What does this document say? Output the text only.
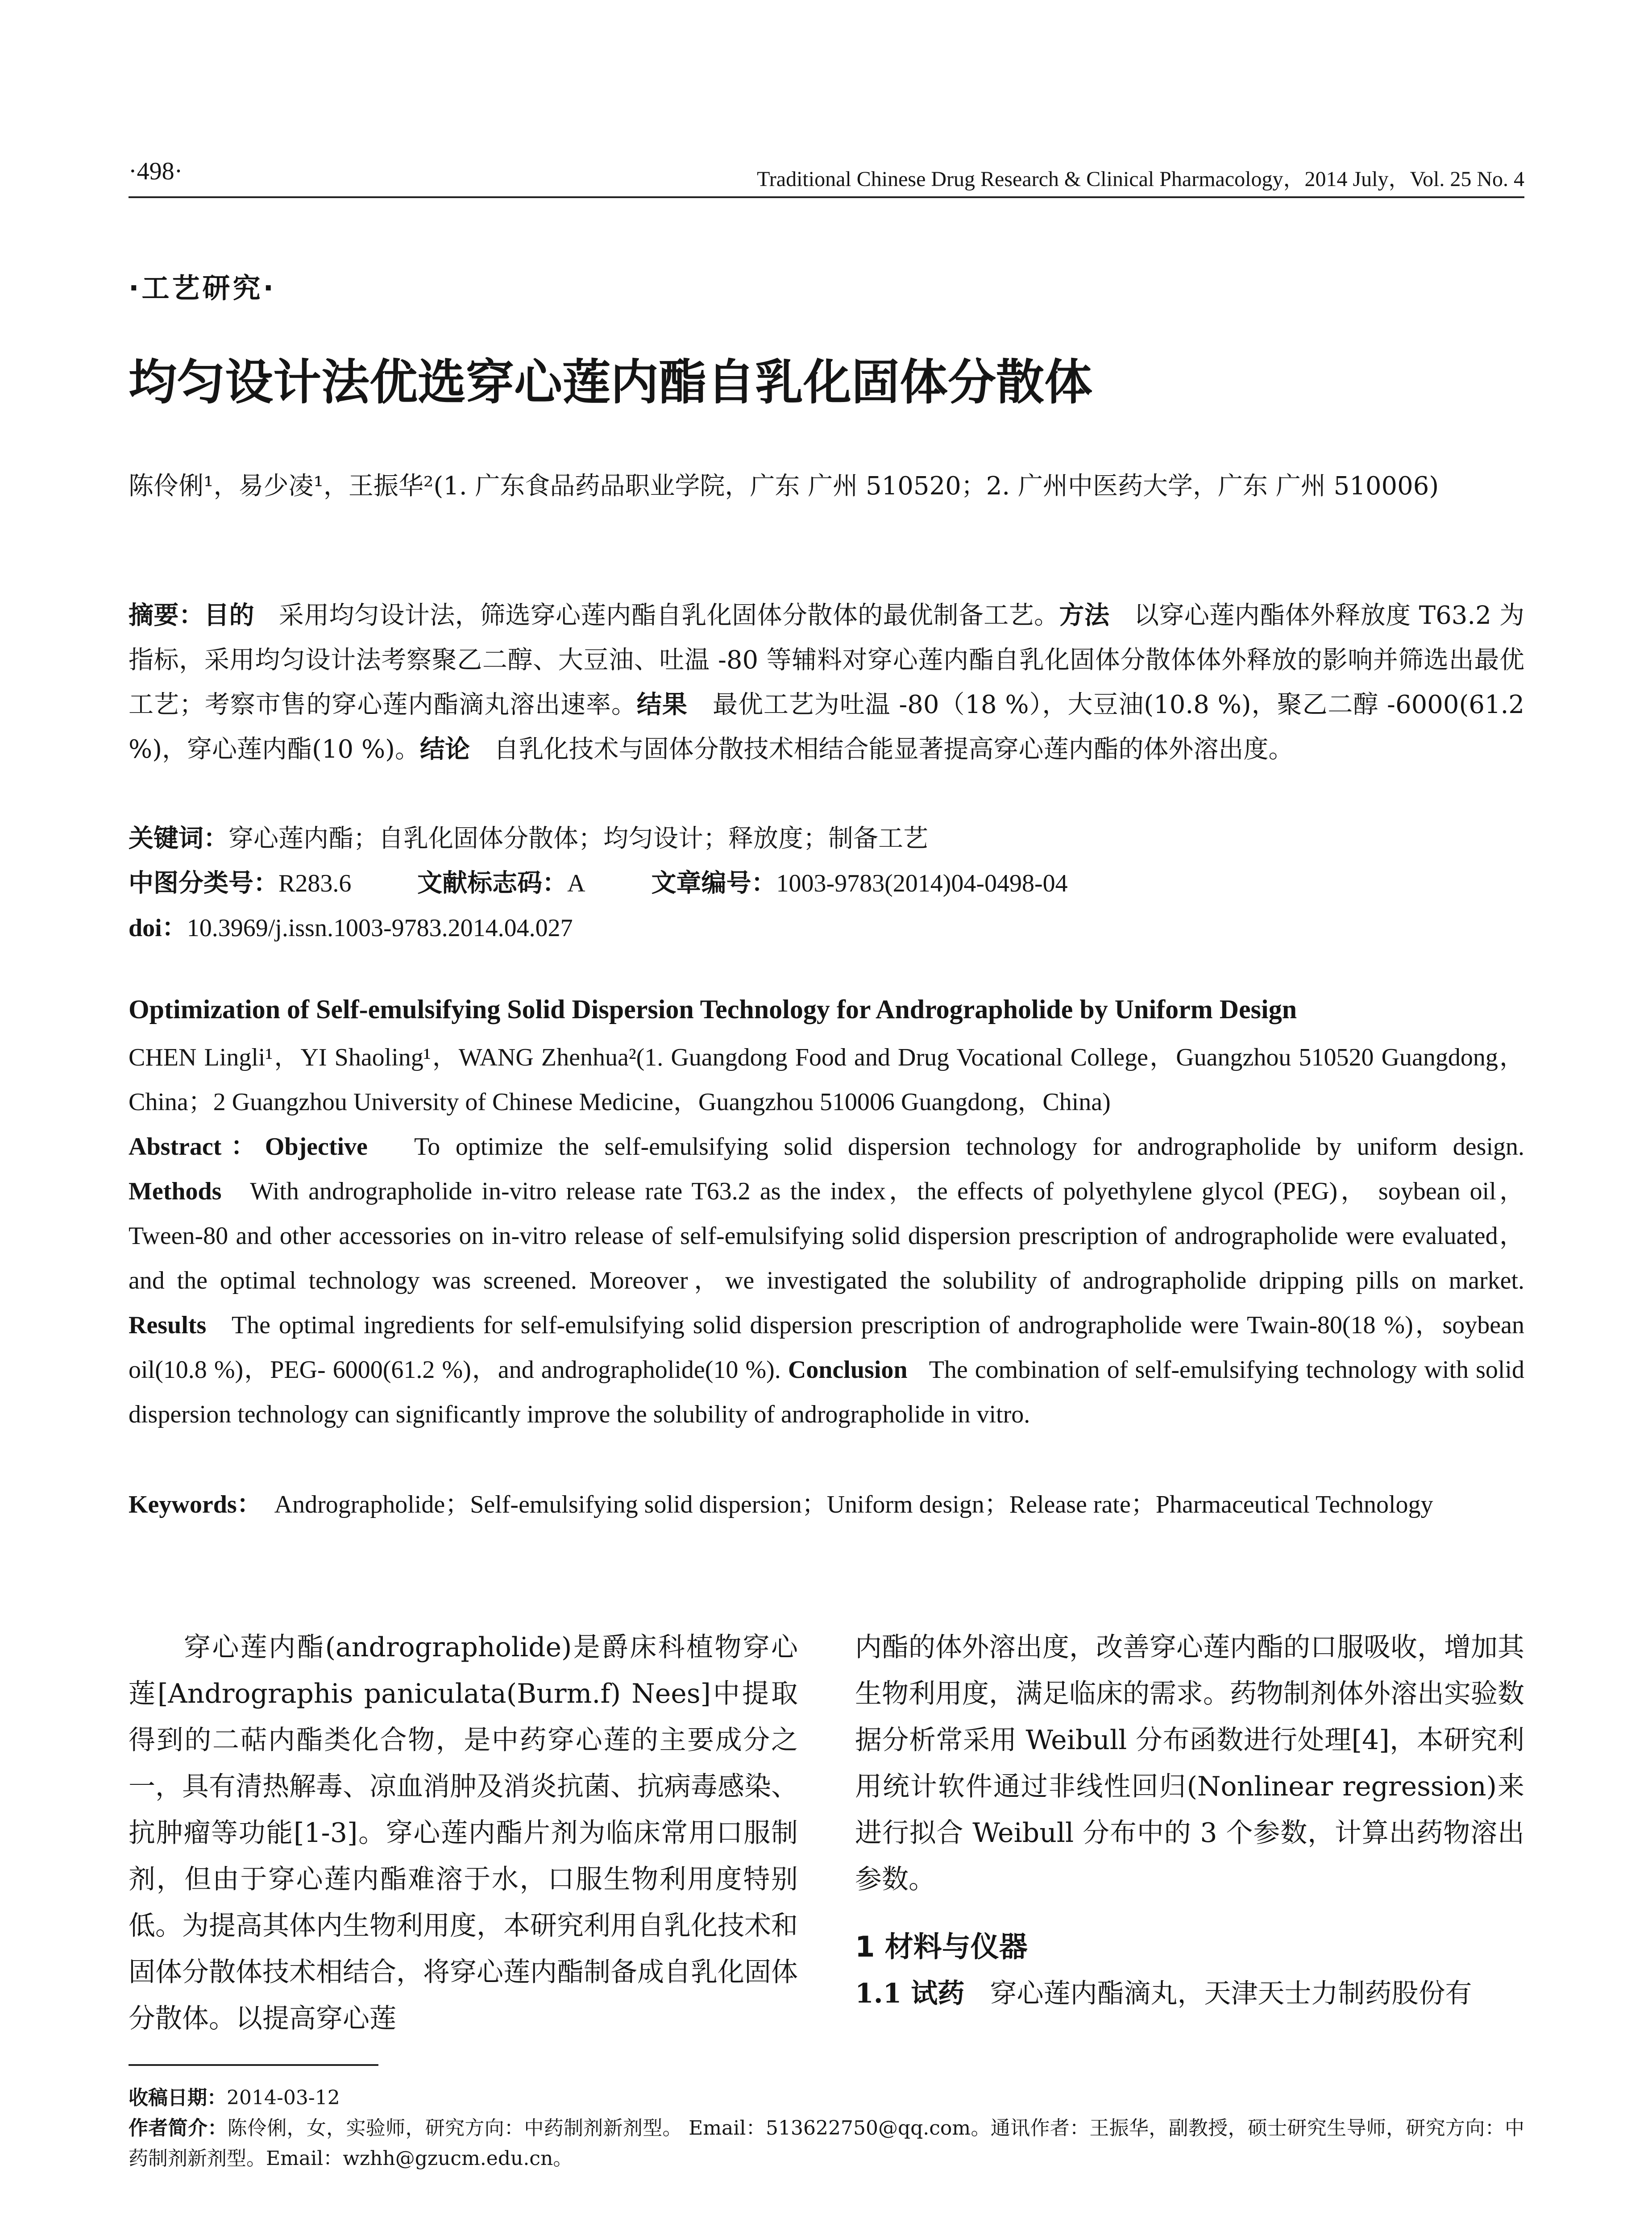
·498·	Traditional Chinese Drug Research & Clinical Pharmacology，2014 July，Vol. 25 No. 4
·工艺研究·
均匀设计法优选穿心莲内酯自乳化固体分散体
陈伶俐¹，易少凌¹，王振华²(1. 广东食品药品职业学院，广东 广州 510520；2. 广州中医药大学，广东 广州 510006)
摘要：目的 采用均匀设计法，筛选穿心莲内酯自乳化固体分散体的最优制备工艺。方法 以穿心莲内酯体外释放度 T63.2 为指标，采用均匀设计法考察聚乙二醇、大豆油、吐温 -80 等辅料对穿心莲内酯自乳化固体分散体体外释放的影响并筛选出最优工艺；考察市售的穿心莲内酯滴丸溶出速率。结果 最优工艺为吐温 -80（18 %），大豆油(10.8 %)，聚乙二醇 -6000(61.2 %)，穿心莲内酯(10 %)。结论 自乳化技术与固体分散技术相结合能显著提高穿心莲内酯的体外溶出度。
关键词：穿心莲内酯；自乳化固体分散体；均匀设计；释放度；制备工艺
中图分类号：R283.6	文献标志码：A	文章编号：1003-9783(2014)04-0498-04
doi：10.3969/j.issn.1003-9783.2014.04.027
Optimization of Self-emulsifying Solid Dispersion Technology for Andrographolide by Uniform Design
CHEN Lingli¹，YI Shaoling¹，WANG Zhenhua²(1. Guangdong Food and Drug Vocational College，Guangzhou 510520 Guangdong，China；2 Guangzhou University of Chinese Medicine，Guangzhou 510006 Guangdong，China)
Abstract：Objective To optimize the self-emulsifying solid dispersion technology for andrographolide by uniform design. Methods With andrographolide in-vitro release rate T63.2 as the index，the effects of polyethylene glycol (PEG)， soybean oil， Tween-80 and other accessories on in-vitro release of self-emulsifying solid dispersion prescription of andrographolide were evaluated，and the optimal technology was screened. Moreover，we investigated the solubility of andrographolide dripping pills on market. Results The optimal ingredients for self-emulsifying solid dispersion prescription of andrographolide were Twain-80(18 %)，soybean oil(10.8 %)，PEG- 6000(61.2 %)，and andrographolide(10 %). Conclusion The combination of self-emulsifying technology with solid dispersion technology can significantly improve the solubility of andrographolide in vitro.
Keywords： Andrographolide；Self-emulsifying solid dispersion；Uniform design；Release rate；Pharmaceutical Technology

穿心莲内酯(andrographolide)是爵床科植物穿心莲[Andrographis paniculata(Burm.f) Nees]中提取得到的二萜内酯类化合物，是中药穿心莲的主要成分之一，具有清热解毒、凉血消肿及消炎抗菌、抗病毒感染、抗肿瘤等功能[1-3]。穿心莲内酯片剂为临床常用口服制剂，但由于穿心莲内酯难溶于水，口服生物利用度特别低。为提高其体内生物利用度，本研究利用自乳化技术和固体分散体技术相结合，将穿心莲内酯制备成自乳化固体分散体。以提高穿心莲

内酯的体外溶出度，改善穿心莲内酯的口服吸收，增加其生物利用度，满足临床的需求。药物制剂体外溶出实验数据分析常采用 Weibull 分布函数进行处理[4]，本研究利用统计软件通过非线性回归(Nonlinear regression)来进行拟合 Weibull 分布中的 3 个参数，计算出药物溶出参数。

1 材料与仪器

1.1 试药 穿心莲内酯滴丸，天津天士力制药股份有

收稿日期：2014-03-12
作者简介：陈伶俐，女，实验师，研究方向：中药制剂新剂型。 Email：513622750@qq.com。通讯作者：王振华，副教授，硕士研究生导师，研究方向：中药制剂新剂型。Email：wzhh@gzucm.edu.cn。
